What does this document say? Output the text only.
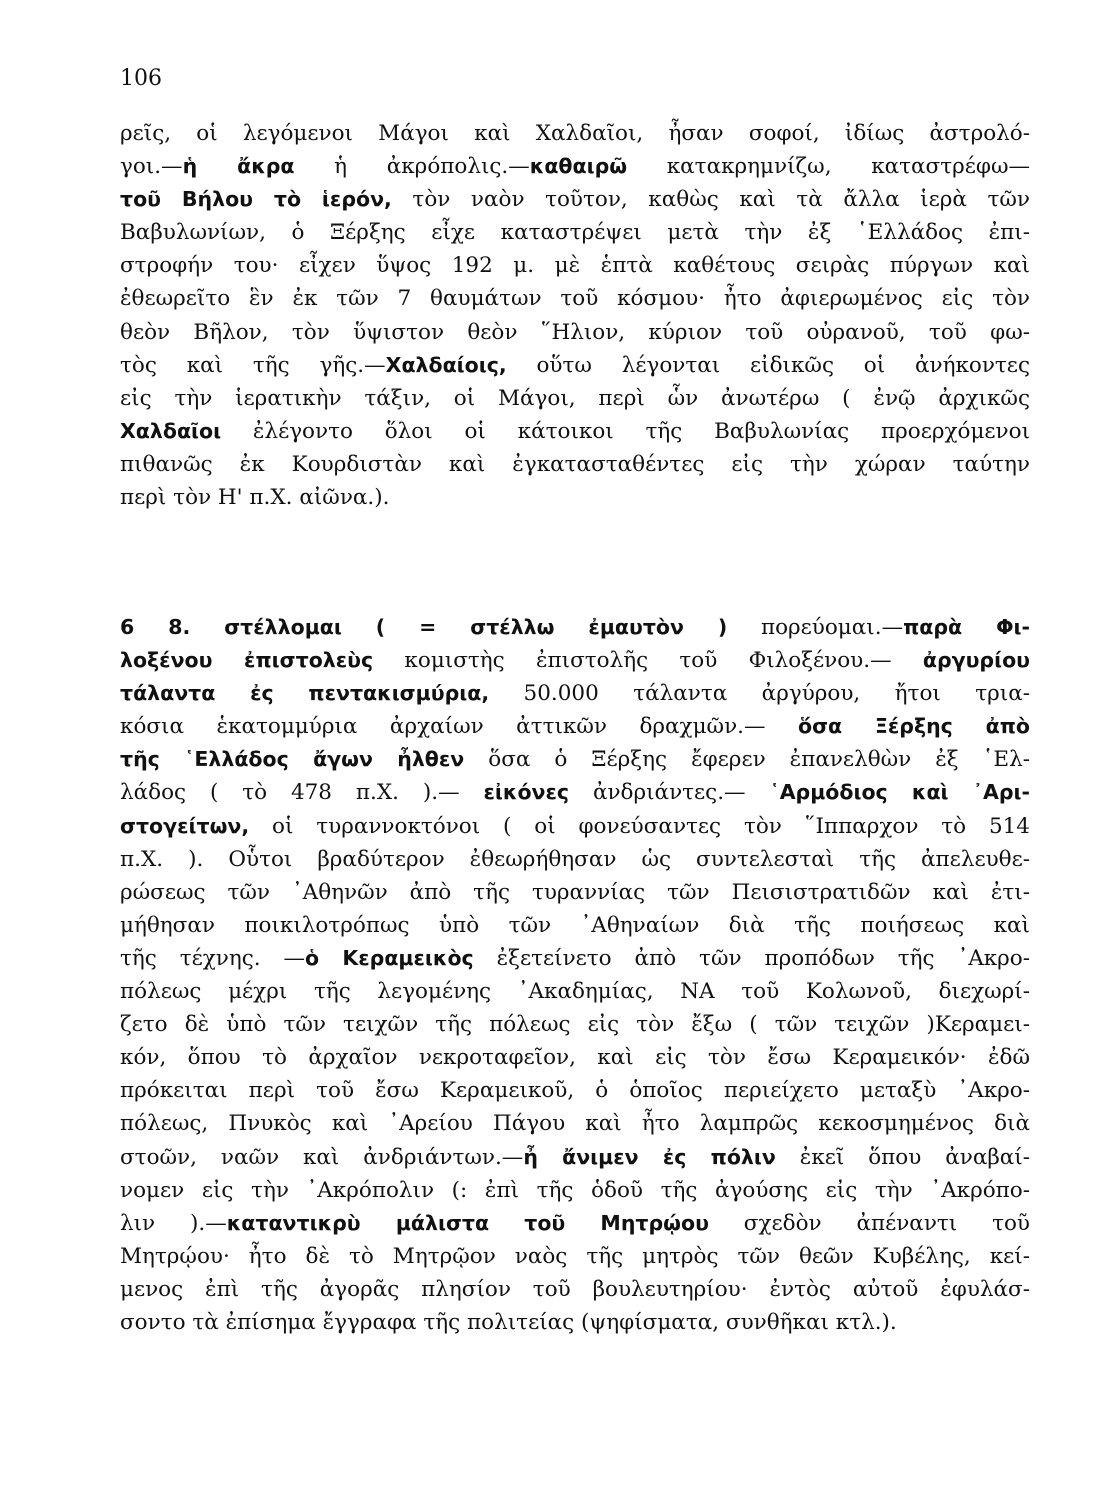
106
ρεῖς, οἱ λεγόμενοι Μάγοι καὶ Χαλδαῖοι, ἦσαν σοφοί, ἰδίως ἀστρολό-
γοι.—ἡ ἄκρα ἡ ἀκρόπολις.—καθαιρῶ κατακρημνίζω, καταστρέφω—
τοῦ Βήλου τὸ ἱερόν, τὸν ναὸν τοῦτον, καθὼς καὶ τὰ ἄλλα ἱερὰ τῶν
Βαβυλωνίων, ὁ Ξέρξης εἶχε καταστρέψει μετὰ τὴν ἐξ ῾Ελλάδος ἐπι-
στροφήν του· εἶχεν ὕψος 192 μ. μὲ ἑπτὰ καθέτους σειρὰς πύργων καὶ
ἐθεωρεῖτο ἓν ἐκ τῶν 7 θαυμάτων τοῦ κόσμου· ἦτο ἀφιερωμένος εἰς τὸν
θεὸν Βῆλον, τὸν ὕψιστον θεὸν ῞Ηλιον, κύριον τοῦ οὐρανοῦ, τοῦ φω-
τὸς καὶ τῆς γῆς.—Χαλδαίοις, οὕτω λέγονται εἰδικῶς οἱ ἀνήκοντες
εἰς τὴν ἱερατικὴν τάξιν, οἱ Μάγοι, περὶ ὧν ἀνωτέρω ( ἐνῷ ἀρχικῶς
Χαλδαῖοι ἐλέγοντο ὅλοι οἱ κάτοικοι τῆς Βαβυλωνίας προερχόμενοι
πιθανῶς ἐκ Κουρδιστὰν καὶ ἐγκατασταθέντες εἰς τὴν χώραν ταύτην
περὶ τὸν Η' π.Χ. αἰῶνα.).
6 8. στέλλομαι ( = στέλλω ἐμαυτὸν ) πορεύομαι.—παρὰ Φι-
λοξένου ἐπιστολεὺς κομιστὴς ἐπιστολῆς τοῦ Φιλοξένου.— ἀργυρίου
τάλαντα ἐς πεντακισμύρια, 50.000 τάλαντα ἀργύρου, ἤτοι τρια-
κόσια ἑκατομμύρια ἀρχαίων ἀττικῶν δραχμῶν.— ὅσα Ξέρξης ἀπὸ
τῆς ῾Ελλάδος ἄγων ἦλθεν ὅσα ὁ Ξέρξης ἔφερεν ἐπανελθὼν ἐξ ῾Ελ-
λάδος ( τὸ 478 π.Χ. ).— εἰκόνες ἀνδριάντες.— ῾Αρμόδιος καὶ ᾿Αρι-
στογείτων, οἱ τυραννοκτόνοι ( οἱ φονεύσαντες τὸν ῞Ιππαρχον τὸ 514
π.Χ. ). Οὗτοι βραδύτερον ἐθεωρήθησαν ὡς συντελεσταὶ τῆς ἀπελευθε-
ρώσεως τῶν ᾿Αθηνῶν ἀπὸ τῆς τυραννίας τῶν Πεισιστρατιδῶν καὶ ἐτι-
μήθησαν ποικιλοτρόπως ὑπὸ τῶν ᾿Αθηναίων διὰ τῆς ποιήσεως καὶ
τῆς τέχνης. —ὁ Κεραμεικὸς ἐξετείνετο ἀπὸ τῶν προπόδων τῆς ᾿Ακρο-
πόλεως μέχρι τῆς λεγομένης ᾿Ακαδημίας, ΝΑ τοῦ Κολωνοῦ, διεχωρί-
ζετο δὲ ὑπὸ τῶν τειχῶν τῆς πόλεως εἰς τὸν ἔξω ( τῶν τειχῶν )Κεραμει-
κόν, ὅπου τὸ ἀρχαῖον νεκροταφεῖον, καὶ εἰς τὸν ἔσω Κεραμεικόν· ἐδῶ
πρόκειται περὶ τοῦ ἔσω Κεραμεικοῦ, ὁ ὁποῖος περιείχετο μεταξὺ ᾿Ακρο-
πόλεως, Πνυκὸς καὶ ᾿Αρείου Πάγου καὶ ἦτο λαμπρῶς κεκοσμημένος διὰ
στοῶν, ναῶν καὶ ἀνδριάντων.—ἦ ἄνιμεν ἐς πόλιν ἐκεῖ ὅπου ἀναβαί-
νομεν εἰς τὴν ᾿Ακρόπολιν (: ἐπὶ τῆς ὁδοῦ τῆς ἀγούσης εἰς τὴν ᾿Ακρόπο-
λιν ).—καταντικρὺ μάλιστα τοῦ Μητρῴου σχεδὸν ἀπέναντι τοῦ
Μητρῴου· ἦτο δὲ τὸ Μητρῷον ναὸς τῆς μητρὸς τῶν θεῶν Κυβέλης, κεί-
μενος ἐπὶ τῆς ἀγορᾶς πλησίον τοῦ βουλευτηρίου· ἐντὸς αὐτοῦ ἐφυλάσ-
σοντο τὰ ἐπίσημα ἔγγραφα τῆς πολιτείας (ψηφίσματα, συνθῆκαι κτλ.).
